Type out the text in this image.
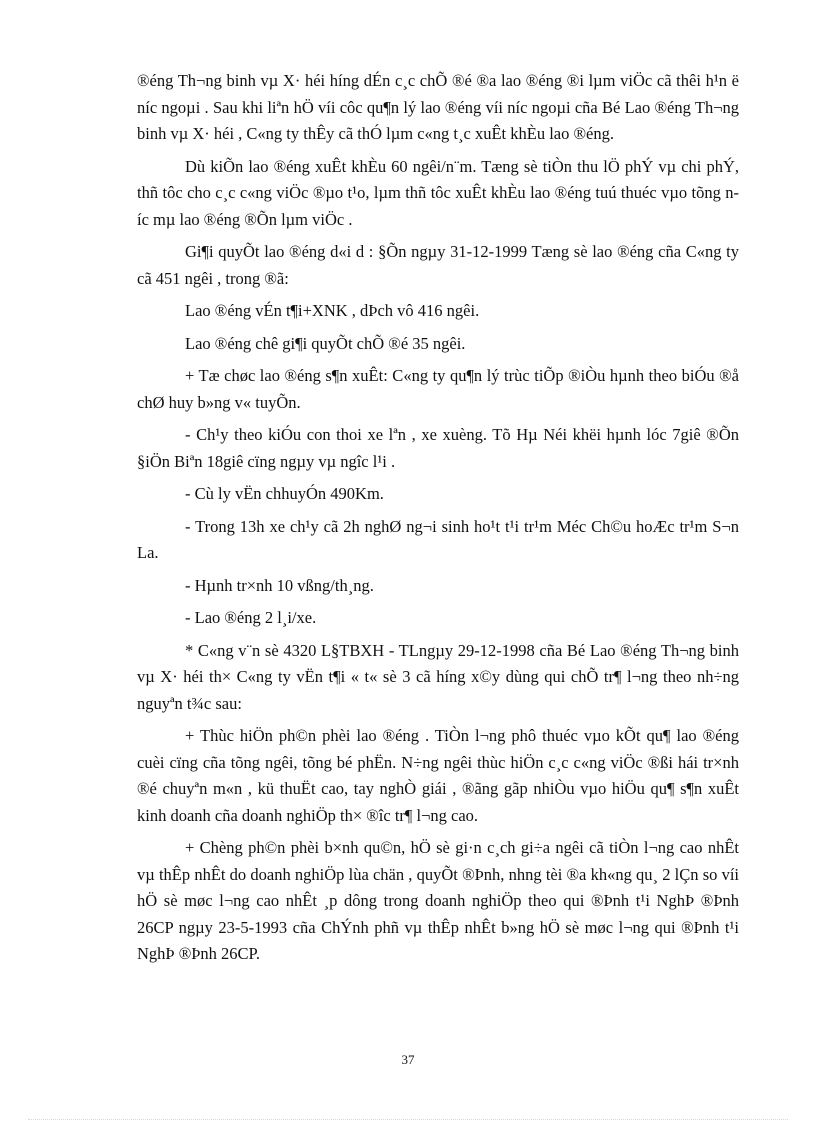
®éng Th¬ng binh vµ X· héi híng dÉn c¸c chÕ ®é ®a lao ®éng ®i lµm viÖc cã thêi h¹n ë níc ngoµi . Sau khi liªn hÖ víi côc qu¶n lý lao ®éng víi níc ngoµi cña Bé Lao ®éng Th¬ng binh vµ X· héi , C«ng ty thÊy cã thÓ lµm c«ng t¸c xuÊt khÈu lao ®éng.

Dù kiÕn lao ®éng xuÊt khÈu 60 ngêi/n¨m. Tæng sè tiÒn thu lÖ phÝ vµ chi phÝ, thñ tôc cho c¸c c«ng viÖc ®µo t¹o, lµm thñ tôc xuÊt khÈu lao ®éng tuú thuéc vµo tõng níc mµ lao ®éng ®Õn lµm viÖc .

Gi¶i quyÕt lao ®éng d«i d : §Õn ngµy 31-12-1999 Tæng sè lao ®éng cña C«ng ty cã 451 ngêi , trong ®ã:

Lao ®éng vÉn t¶i+XNK , dÞch vô 416 ngêi.

Lao ®éng chê gi¶i quyÕt chÕ ®é 35 ngêi.

+ Tæ chøc lao ®éng s¶n xuÊt: C«ng ty qu¶n lý trùc tiÕp ®iÒu hµnh theo biÓu ®å chØ huy b»ng v« tuyÕn.

- Ch¹y theo kiÓu con thoi xe lªn , xe xuèng. Tõ Hµ Néi khëi hµnh lóc 7giê ®Õn §iÖn Biªn 18giê cïng ngµy vµ ngîc l¹i .

- Cù ly vËn chhuyÓn 490Km.

- Trong 13h xe ch¹y cã 2h nghØ ng¬i sinh ho¹t t¹i tr¹m Méc Ch©u hoÆc tr¹m S¬n La.

- Hµnh tr×nh 10 vßng/th¸ng.

- Lao ®éng 2 l¸i/xe.

* C«ng v¨n sè 4320 L§TBXH - TLngµy 29-12-1998 cña Bé Lao ®éng Th¬ng binh vµ X· héi th× C«ng ty vËn t¶i « t« sè 3 cã híng x©y dùng qui chÕ tr¶ l¬ng theo nh÷ng nguyªn t¾c sau:

+ Thùc hiÖn ph©n phèi lao ®éng . TiÒn l¬ng phô thuéc vµo kÕt qu¶ lao ®éng cuèi cïng cña tõng ngêi, tõng bé phËn. N÷ng ngêi thùc hiÖn c¸c c«ng viÖc ®ßi hái tr×nh ®é chuyªn m«n , kü thuËt cao, tay nghÒ giái , ®ãng gãp nhiÒu vµo hiÖu qu¶ s¶n xuÊt kinh doanh cña doanh nghiÖp th× ®îc tr¶ l¬ng cao.

+ Chèng ph©n phèi b×nh qu©n, hÖ sè gi·n c¸ch gi÷a ngêi cã tiÒn l¬ng cao nhÊt vµ thÊp nhÊt do doanh nghiÖp lùa chän , quyÕt ®Þnh, nhng tèi ®a kh«ng qu¸ 2 lÇn so víi hÖ sè møc l¬ng cao nhÊt ¸p dông trong doanh nghiÖp theo qui ®Þnh t¹i NghÞ ®Þnh 26CP ngµy 23-5-1993 cña ChÝnh phñ vµ thÊp nhÊt b»ng hÖ sè møc l¬ng qui ®Þnh t¹i NghÞ ®Þnh 26CP.

37
